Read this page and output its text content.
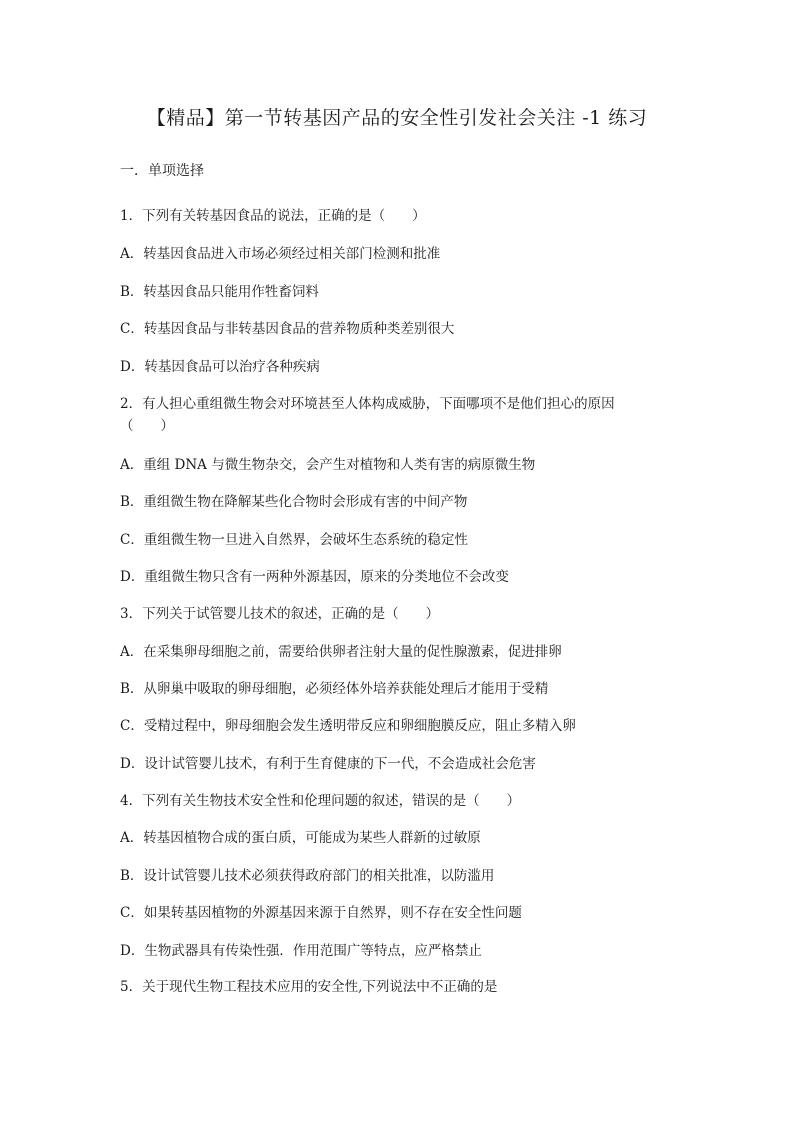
【精品】第一节转基因产品的安全性引发社会关注 -1 练习
一．单项选择
1．下列有关转基因食品的说法，正确的是（　　）
A．转基因食品进入市场必须经过相关部门检测和批准
B．转基因食品只能用作牲畜饲料
C．转基因食品与非转基因食品的营养物质种类差别很大
D．转基因食品可以治疗各种疾病
2．有人担心重组微生物会对环境甚至人体构成威胁，下面哪项不是他们担心的原因
（　　）
A．重组 DNA 与微生物杂交，会产生对植物和人类有害的病原微生物
B．重组微生物在降解某些化合物时会形成有害的中间产物
C．重组微生物一旦进入自然界，会破坏生态系统的稳定性
D．重组微生物只含有一两种外源基因，原来的分类地位不会改变
3．下列关于试管婴儿技术的叙述，正确的是（　　）
A．在采集卵母细胞之前，需要给供卵者注射大量的促性腺激素，促进排卵
B．从卵巢中吸取的卵母细胞，必须经体外培养获能处理后才能用于受精
C．受精过程中，卵母细胞会发生透明带反应和卵细胞膜反应，阻止多精入卵
D．设计试管婴儿技术，有利于生育健康的下一代，不会造成社会危害
4．下列有关生物技术安全性和伦理问题的叙述，错误的是（　　）
A．转基因植物合成的蛋白质，可能成为某些人群新的过敏原
B．设计试管婴儿技术必须获得政府部门的相关批准，以防滥用
C．如果转基因植物的外源基因来源于自然界，则不存在安全性问题
D．生物武器具有传染性强．作用范围广等特点，应严格禁止
5．关于现代生物工程技术应用的安全性,下列说法中不正确的是
